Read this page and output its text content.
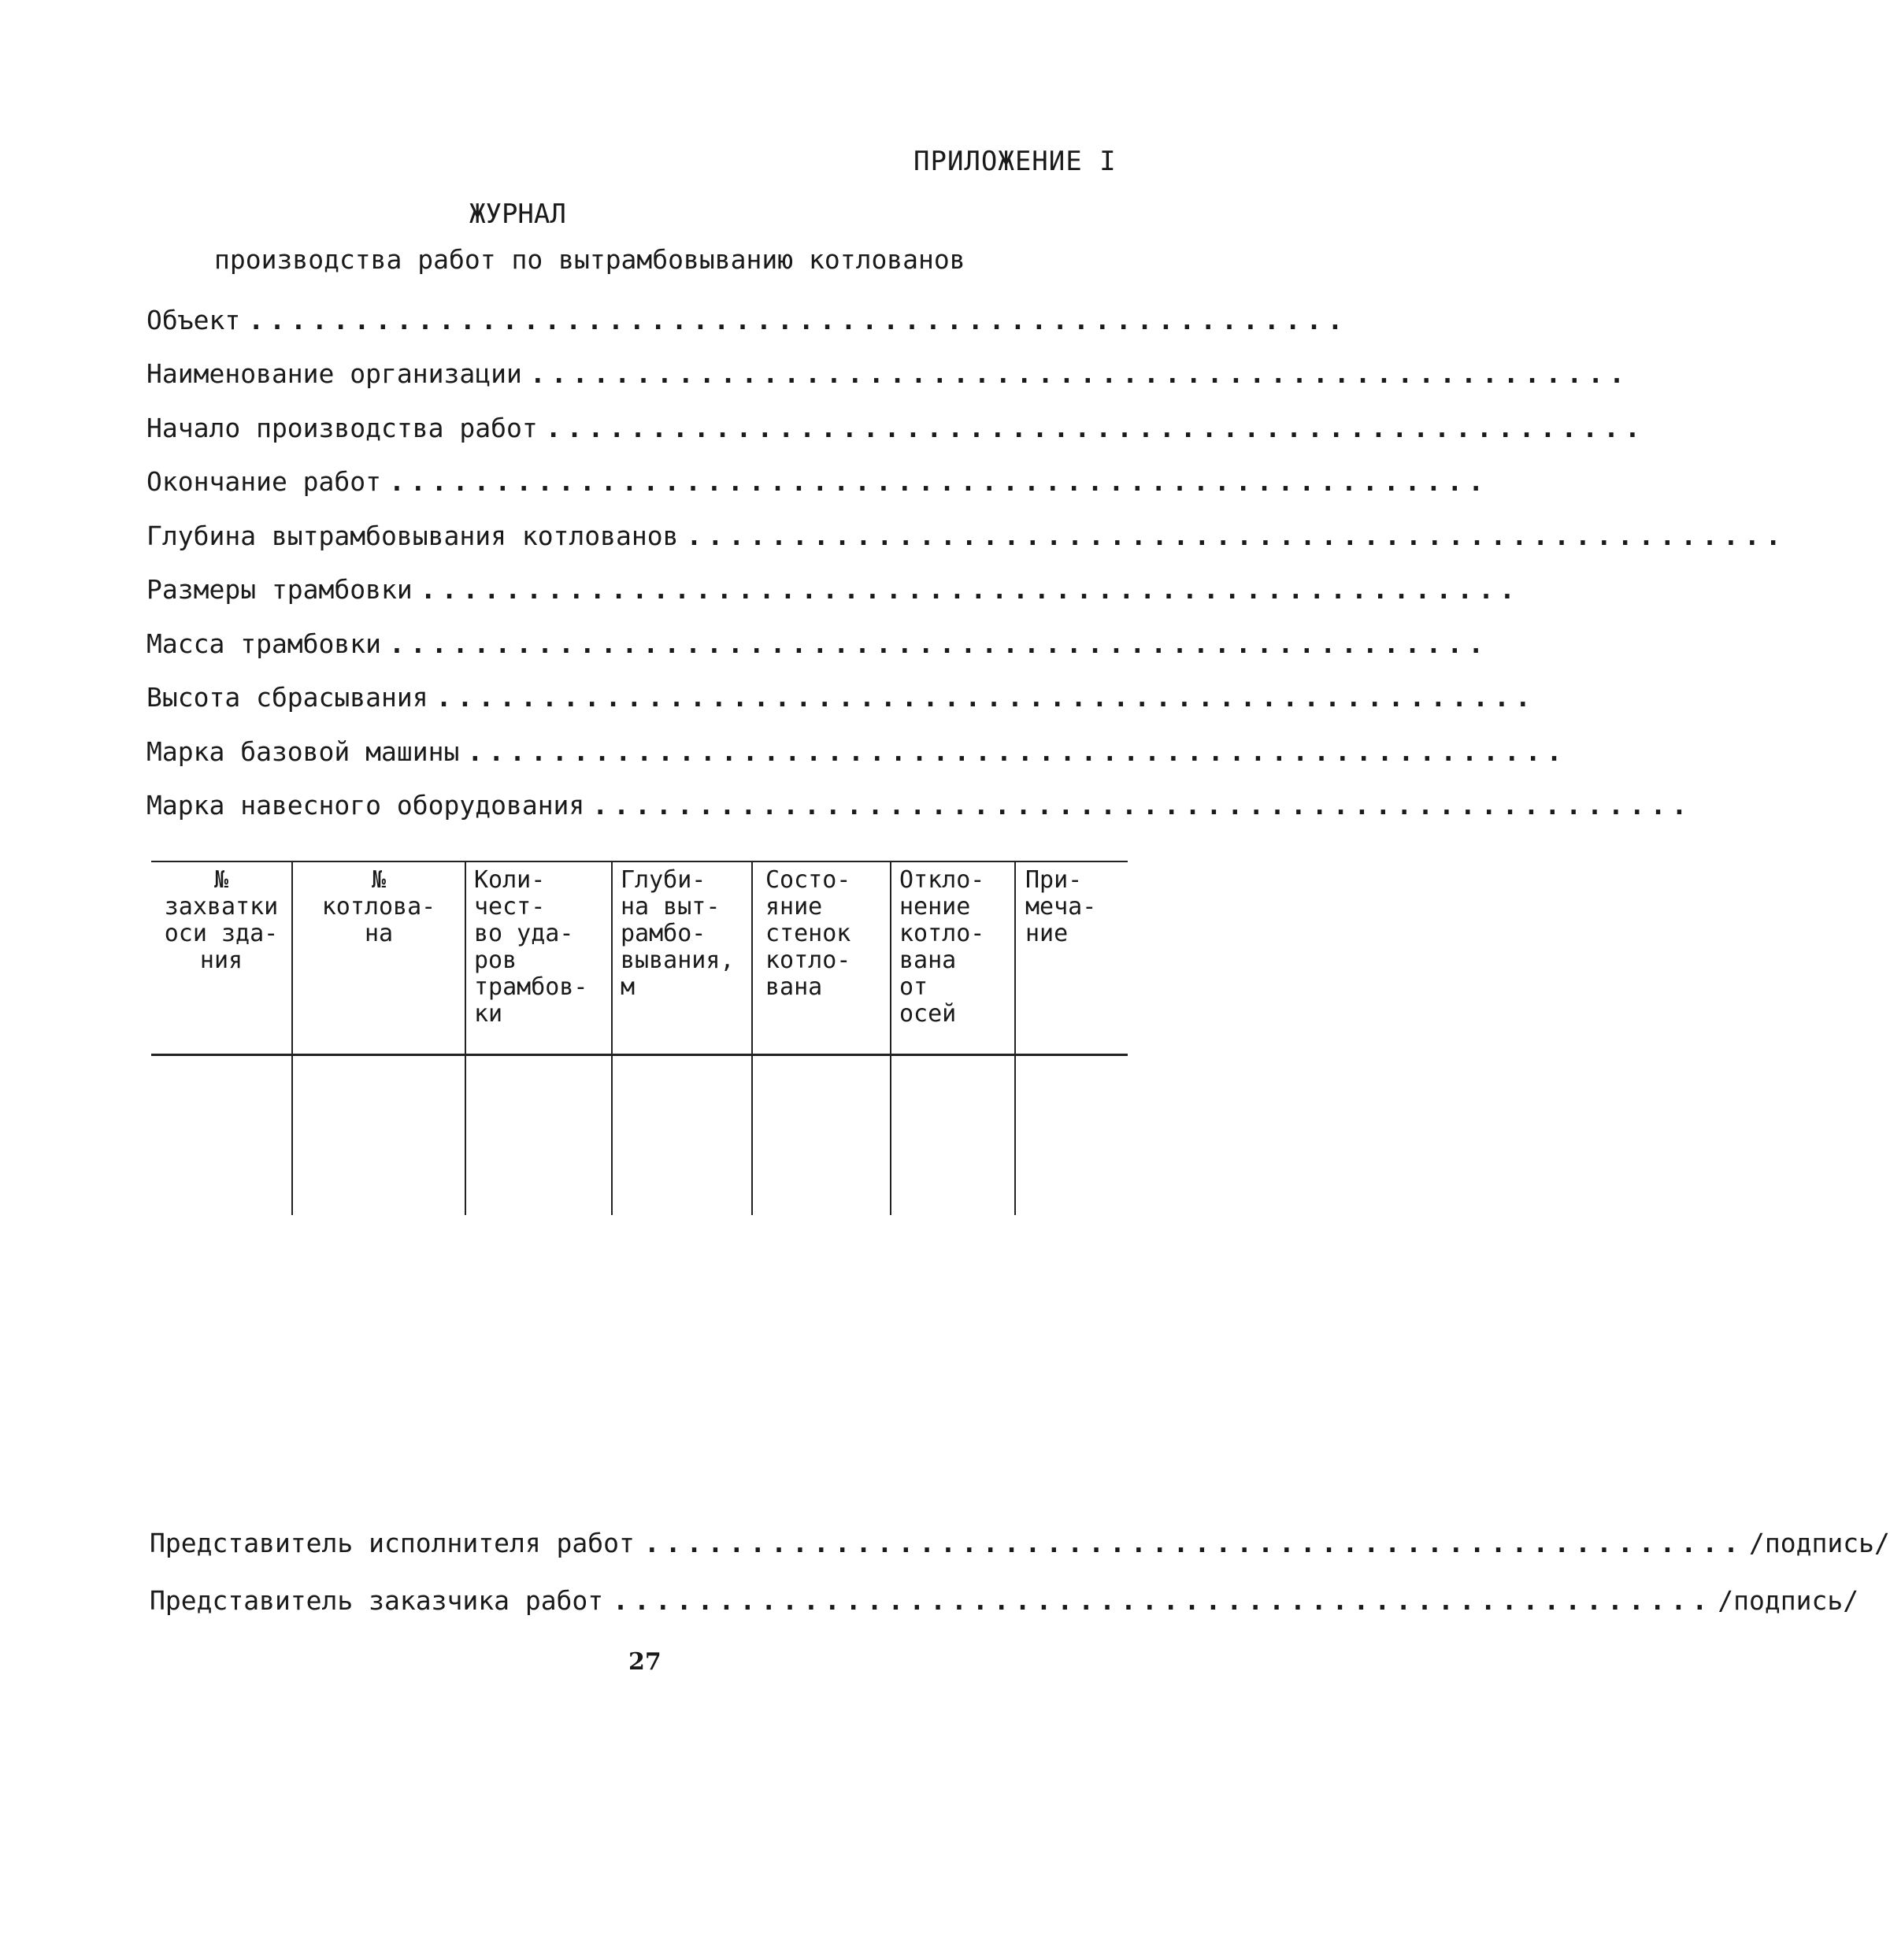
ПРИЛОЖЕНИЕ I
ЖУРНАЛ
производства работ по вытрамбовыванию котлованов
Объект ....................................................
Наименование организации ....................................................
Начало производства работ ....................................................
Окончание работ ....................................................
Глубина вытрамбовывания котлованов ....................................................
Размеры трамбовки ....................................................
Масса трамбовки ....................................................
Высота сбрасывания ....................................................
Марка базовой машины ....................................................
Марка навесного оборудования ....................................................
№
захватки
оси зда-
ния
№
котлова-
на
Коли-
чест-
во уда-
ров
трамбов-
ки
Глуби-
на выт-
рамбо-
вывания,
м
Состо-
яние
стенок
котло-
вана
Откло-
нение
котло-
вана
от
осей
При-
меча-
ние
Представитель исполнителя работ .................................................... /подпись/
Представитель заказчика работ .................................................... /подпись/
27
